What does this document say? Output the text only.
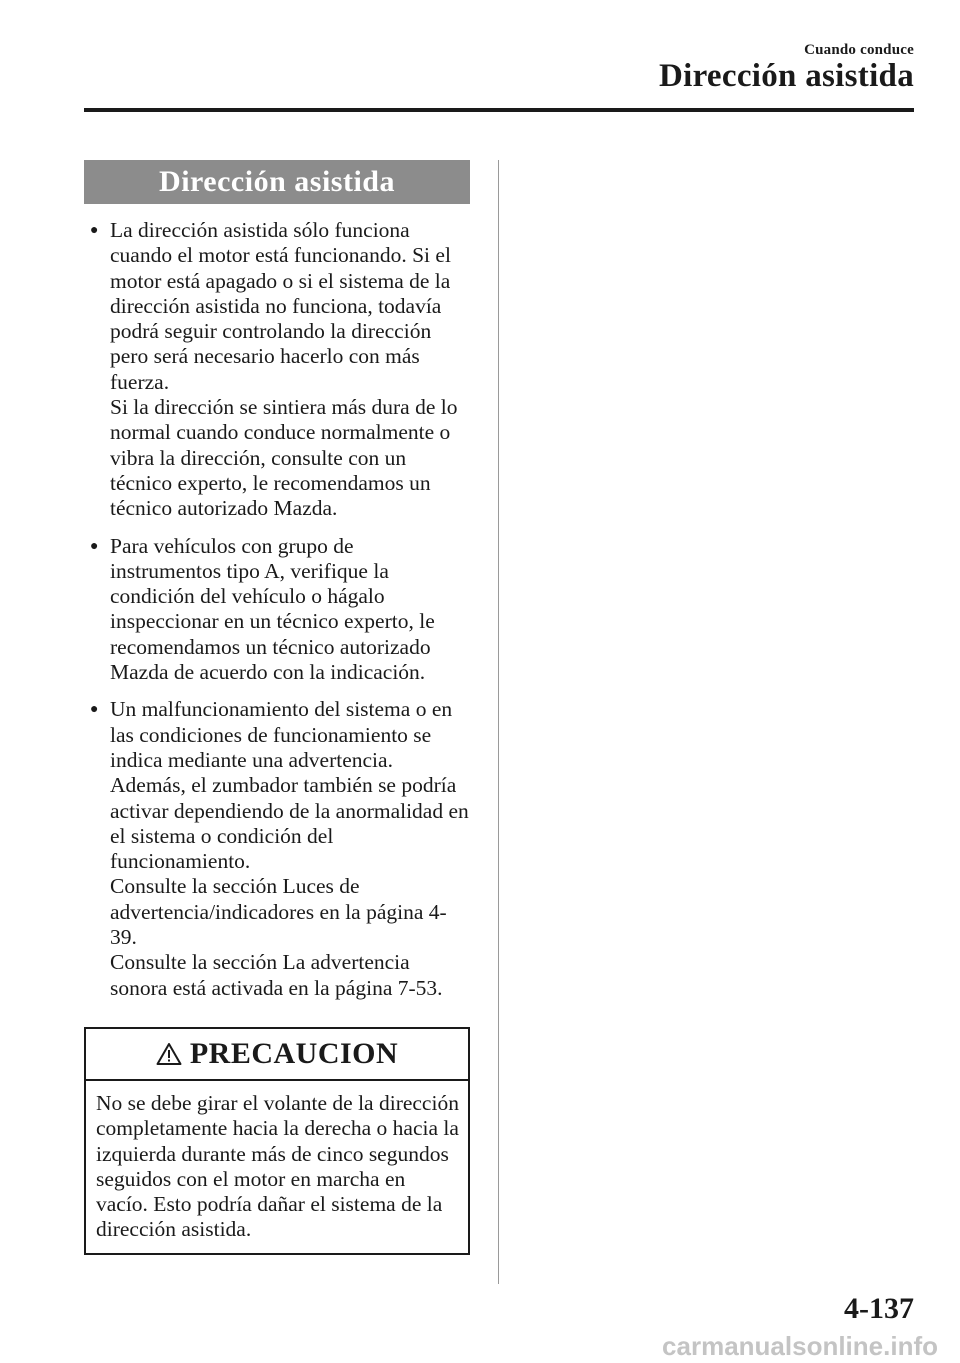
Cuando conduce
Dirección asistida
Dirección asistida
● La dirección asistida sólo funciona cuando el motor está funcionando. Si el motor está apagado o si el sistema de la dirección asistida no funciona, todavía podrá seguir controlando la dirección pero será necesario hacerlo con más fuerza.

Si la dirección se sintiera más dura de lo normal cuando conduce normalmente o vibra la dirección, consulte con un técnico experto, le recomendamos un técnico autorizado Mazda.

● Para vehículos con grupo de instrumentos tipo A, verifique la condición del vehículo o hágalo inspeccionar en un técnico experto, le recomendamos un técnico autorizado Mazda de acuerdo con la indicación.

● Un malfuncionamiento del sistema o en las condiciones de funcionamiento se indica mediante una advertencia. Además, el zumbador también se podría activar dependiendo de la anormalidad en el sistema o condición del funcionamiento.

Consulte la sección Luces de advertencia/indicadores en la página 4-39.

Consulte la sección La advertencia sonora está activada en la página 7-53.

PRECAUCION
No se debe girar el volante de la dirección completamente hacia la derecha o hacia la izquierda durante más de cinco segundos seguidos con el motor en marcha en vacío. Esto podría dañar el sistema de la dirección asistida.
4-137
carmanualsonline.info
